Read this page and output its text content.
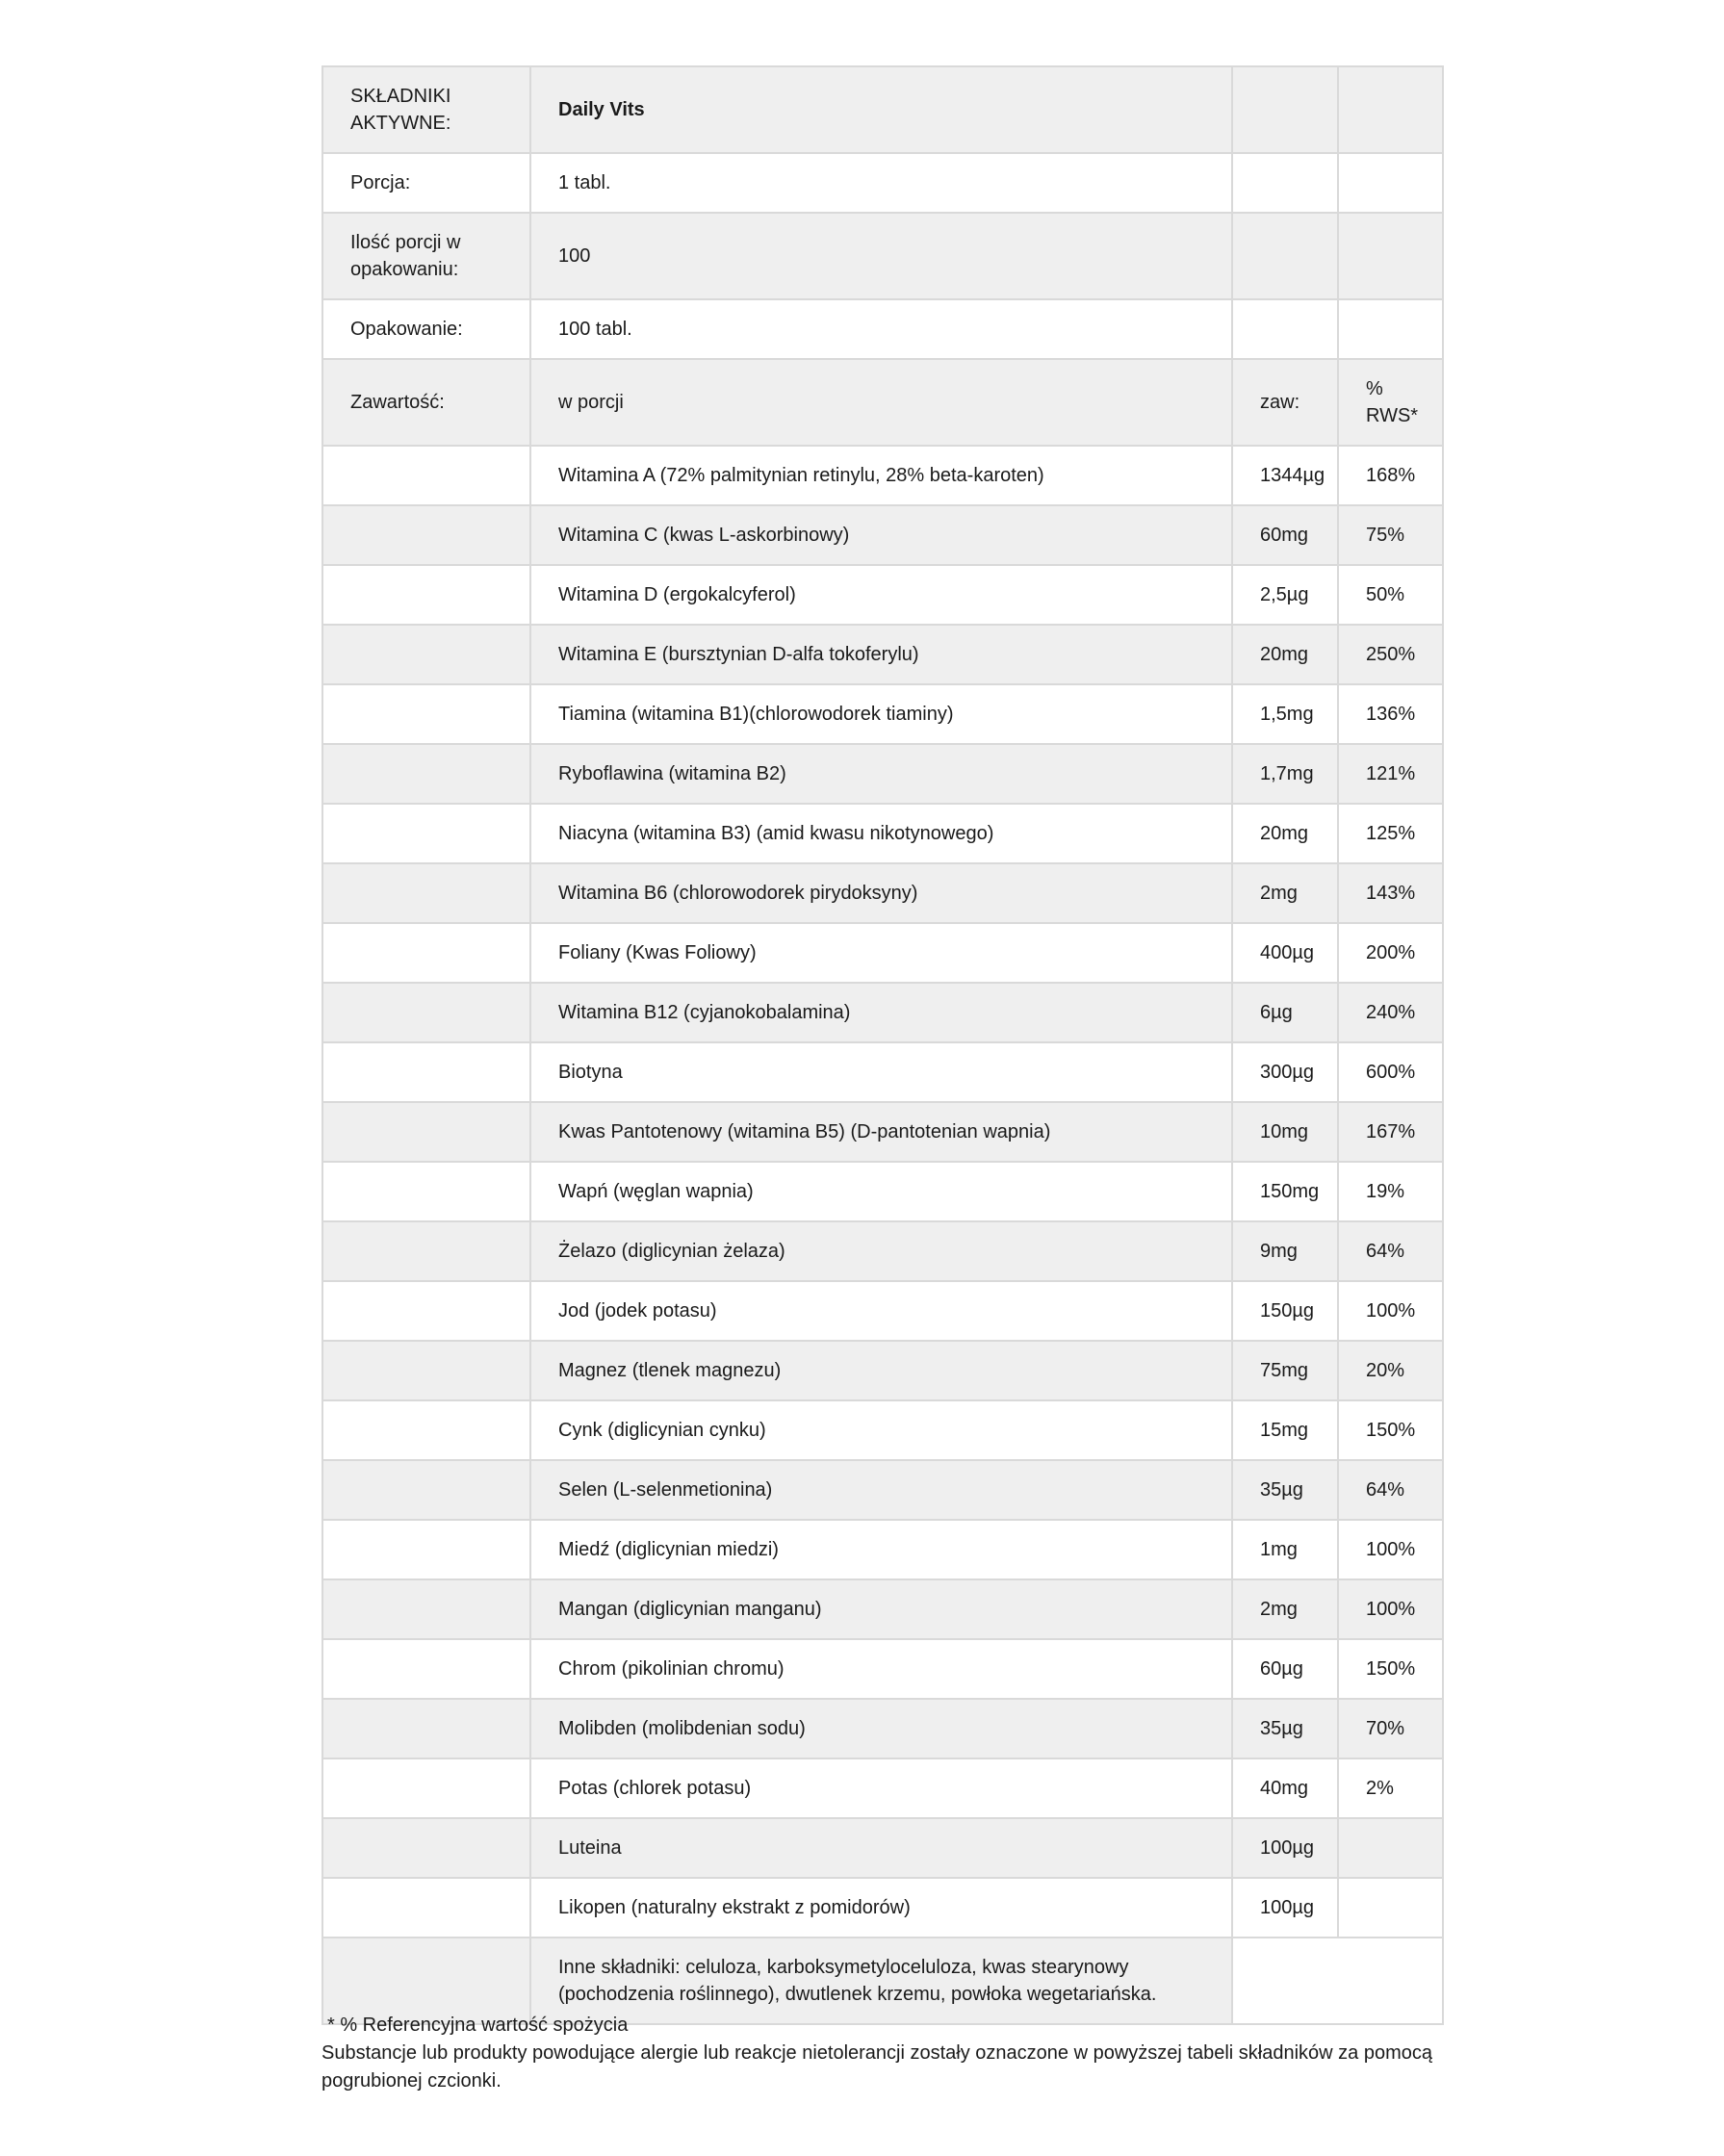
SKŁADNIKI AKTYWNE:	Daily Vits		
Porcja:	1 tabl.		
Ilość porcji w opakowaniu:	100		
Opakowanie:	100 tabl.		
Zawartość:	w porcji	zaw:	% RWS*
	Witamina A (72% palmitynian retinylu, 28% beta-karoten)	1344µg	168%
	Witamina C (kwas L-askorbinowy)	60mg	75%
	Witamina D (ergokalcyferol)	2,5µg	50%
	Witamina E (bursztynian D-alfa tokoferylu)	20mg	250%
	Tiamina (witamina B1)(chlorowodorek tiaminy)	1,5mg	136%
	Ryboflawina (witamina B2)	1,7mg	121%
	Niacyna (witamina B3) (amid kwasu nikotynowego)	20mg	125%
	Witamina B6 (chlorowodorek pirydoksyny)	2mg	143%
	Foliany (Kwas Foliowy)	400µg	200%
	Witamina B12 (cyjanokobalamina)	6µg	240%
	Biotyna	300µg	600%
	Kwas Pantotenowy (witamina B5) (D-pantotenian wapnia)	10mg	167%
	Wapń (węglan wapnia)	150mg	19%
	Żelazo (diglicynian żelaza)	9mg	64%
	Jod (jodek potasu)	150µg	100%
	Magnez (tlenek magnezu)	75mg	20%
	Cynk (diglicynian cynku)	15mg	150%
	Selen (L-selenmetionina)	35µg	64%
	Miedź (diglicynian miedzi)	1mg	100%
	Mangan (diglicynian manganu)	2mg	100%
	Chrom (pikolinian chromu)	60µg	150%
	Molibden (molibdenian sodu)	35µg	70%
	Potas (chlorek potasu)	40mg	2%
	Luteina	100µg	
	Likopen (naturalny ekstrakt z pomidorów)	100µg	
	Inne składniki: celuloza, karboksymetyloceluloza, kwas stearynowy (pochodzenia roślinnego), dwutlenek krzemu, powłoka wegetariańska.		
* % Referencyjna wartość spożycia
Substancje lub produkty powodujące alergie lub reakcje nietolerancji zostały oznaczone w powyższej tabeli składników za pomocą pogrubionej czcionki.
